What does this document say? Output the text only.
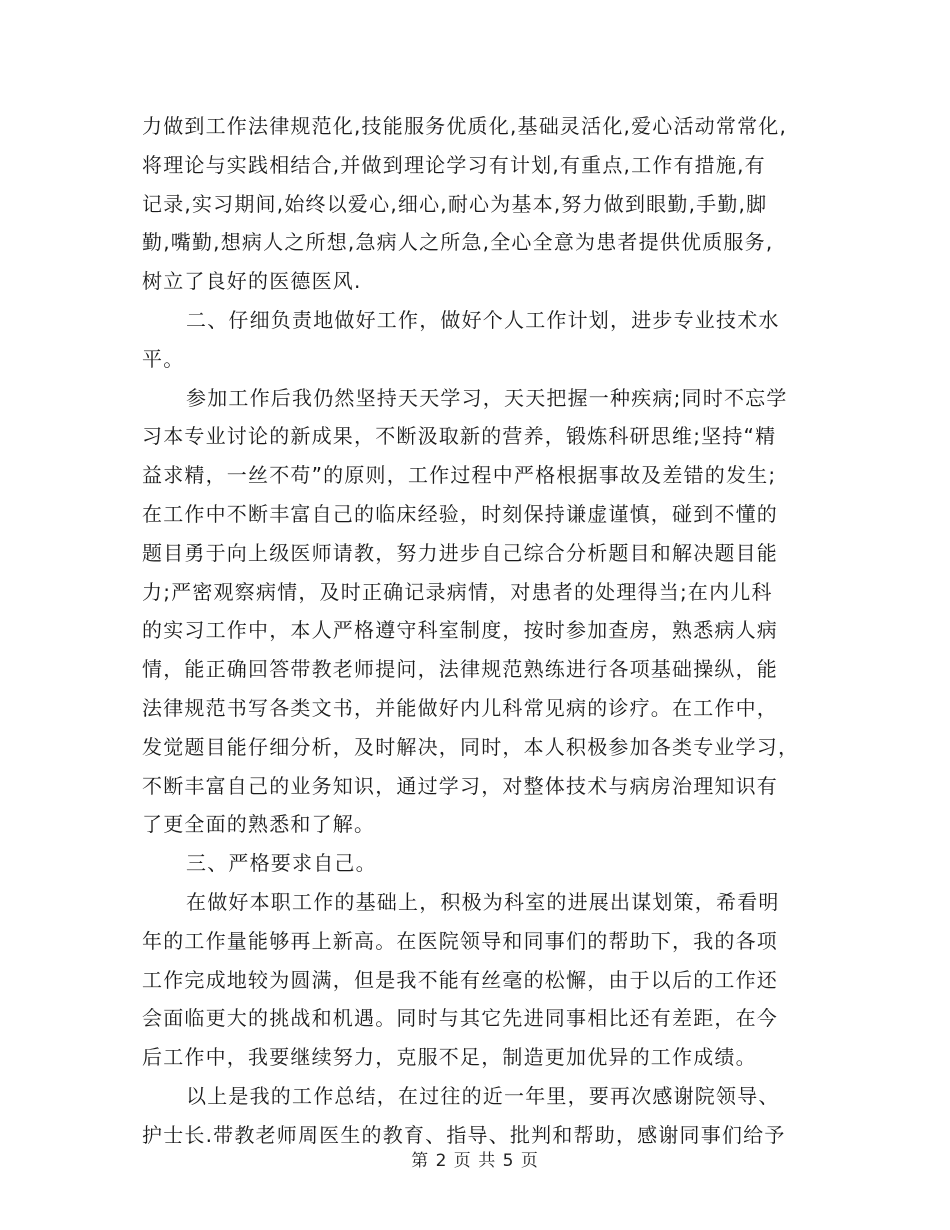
力做到工作法律规范化,技能服务优质化,基础灵活化,爱心活动常常化,
将理论与实践相结合,并做到理论学习有计划,有重点,工作有措施,有
记录,实习期间,始终以爱心,细心,耐心为基本,努力做到眼勤,手勤,脚
勤,嘴勤,想病人之所想,急病人之所急,全心全意为患者提供优质服务,
树立了良好的医德医风.
二、仔细负责地做好工作，做好个人工作计划，进步专业技术水
平。
参加工作后我仍然坚持天天学习，天天把握一种疾病;同时不忘学
习本专业讨论的新成果，不断汲取新的营养，锻炼科研思维;坚持“精
益求精，一丝不苟”的原则，工作过程中严格根据事故及差错的发生;
在工作中不断丰富自己的临床经验，时刻保持谦虚谨慎，碰到不懂的
题目勇于向上级医师请教，努力进步自己综合分析题目和解决题目能
力;严密观察病情，及时正确记录病情，对患者的处理得当;在内儿科
的实习工作中，本人严格遵守科室制度，按时参加查房，熟悉病人病
情，能正确回答带教老师提问，法律规范熟练进行各项基础操纵，能
法律规范书写各类文书，并能做好内儿科常见病的诊疗。在工作中，
发觉题目能仔细分析，及时解决，同时，本人积极参加各类专业学习，
不断丰富自己的业务知识，通过学习，对整体技术与病房治理知识有
了更全面的熟悉和了解。
三、严格要求自己。
在做好本职工作的基础上，积极为科室的进展出谋划策，希看明
年的工作量能够再上新高。在医院领导和同事们的帮助下，我的各项
工作完成地较为圆满，但是我不能有丝毫的松懈，由于以后的工作还
会面临更大的挑战和机遇。同时与其它先进同事相比还有差距，在今
后工作中，我要继续努力，克服不足，制造更加优异的工作成绩。
以上是我的工作总结，在过往的近一年里，要再次感谢院领导、
护士长.带教老师周医生的教育、指导、批判和帮助，感谢同事们给予
第 2 页 共 5 页
